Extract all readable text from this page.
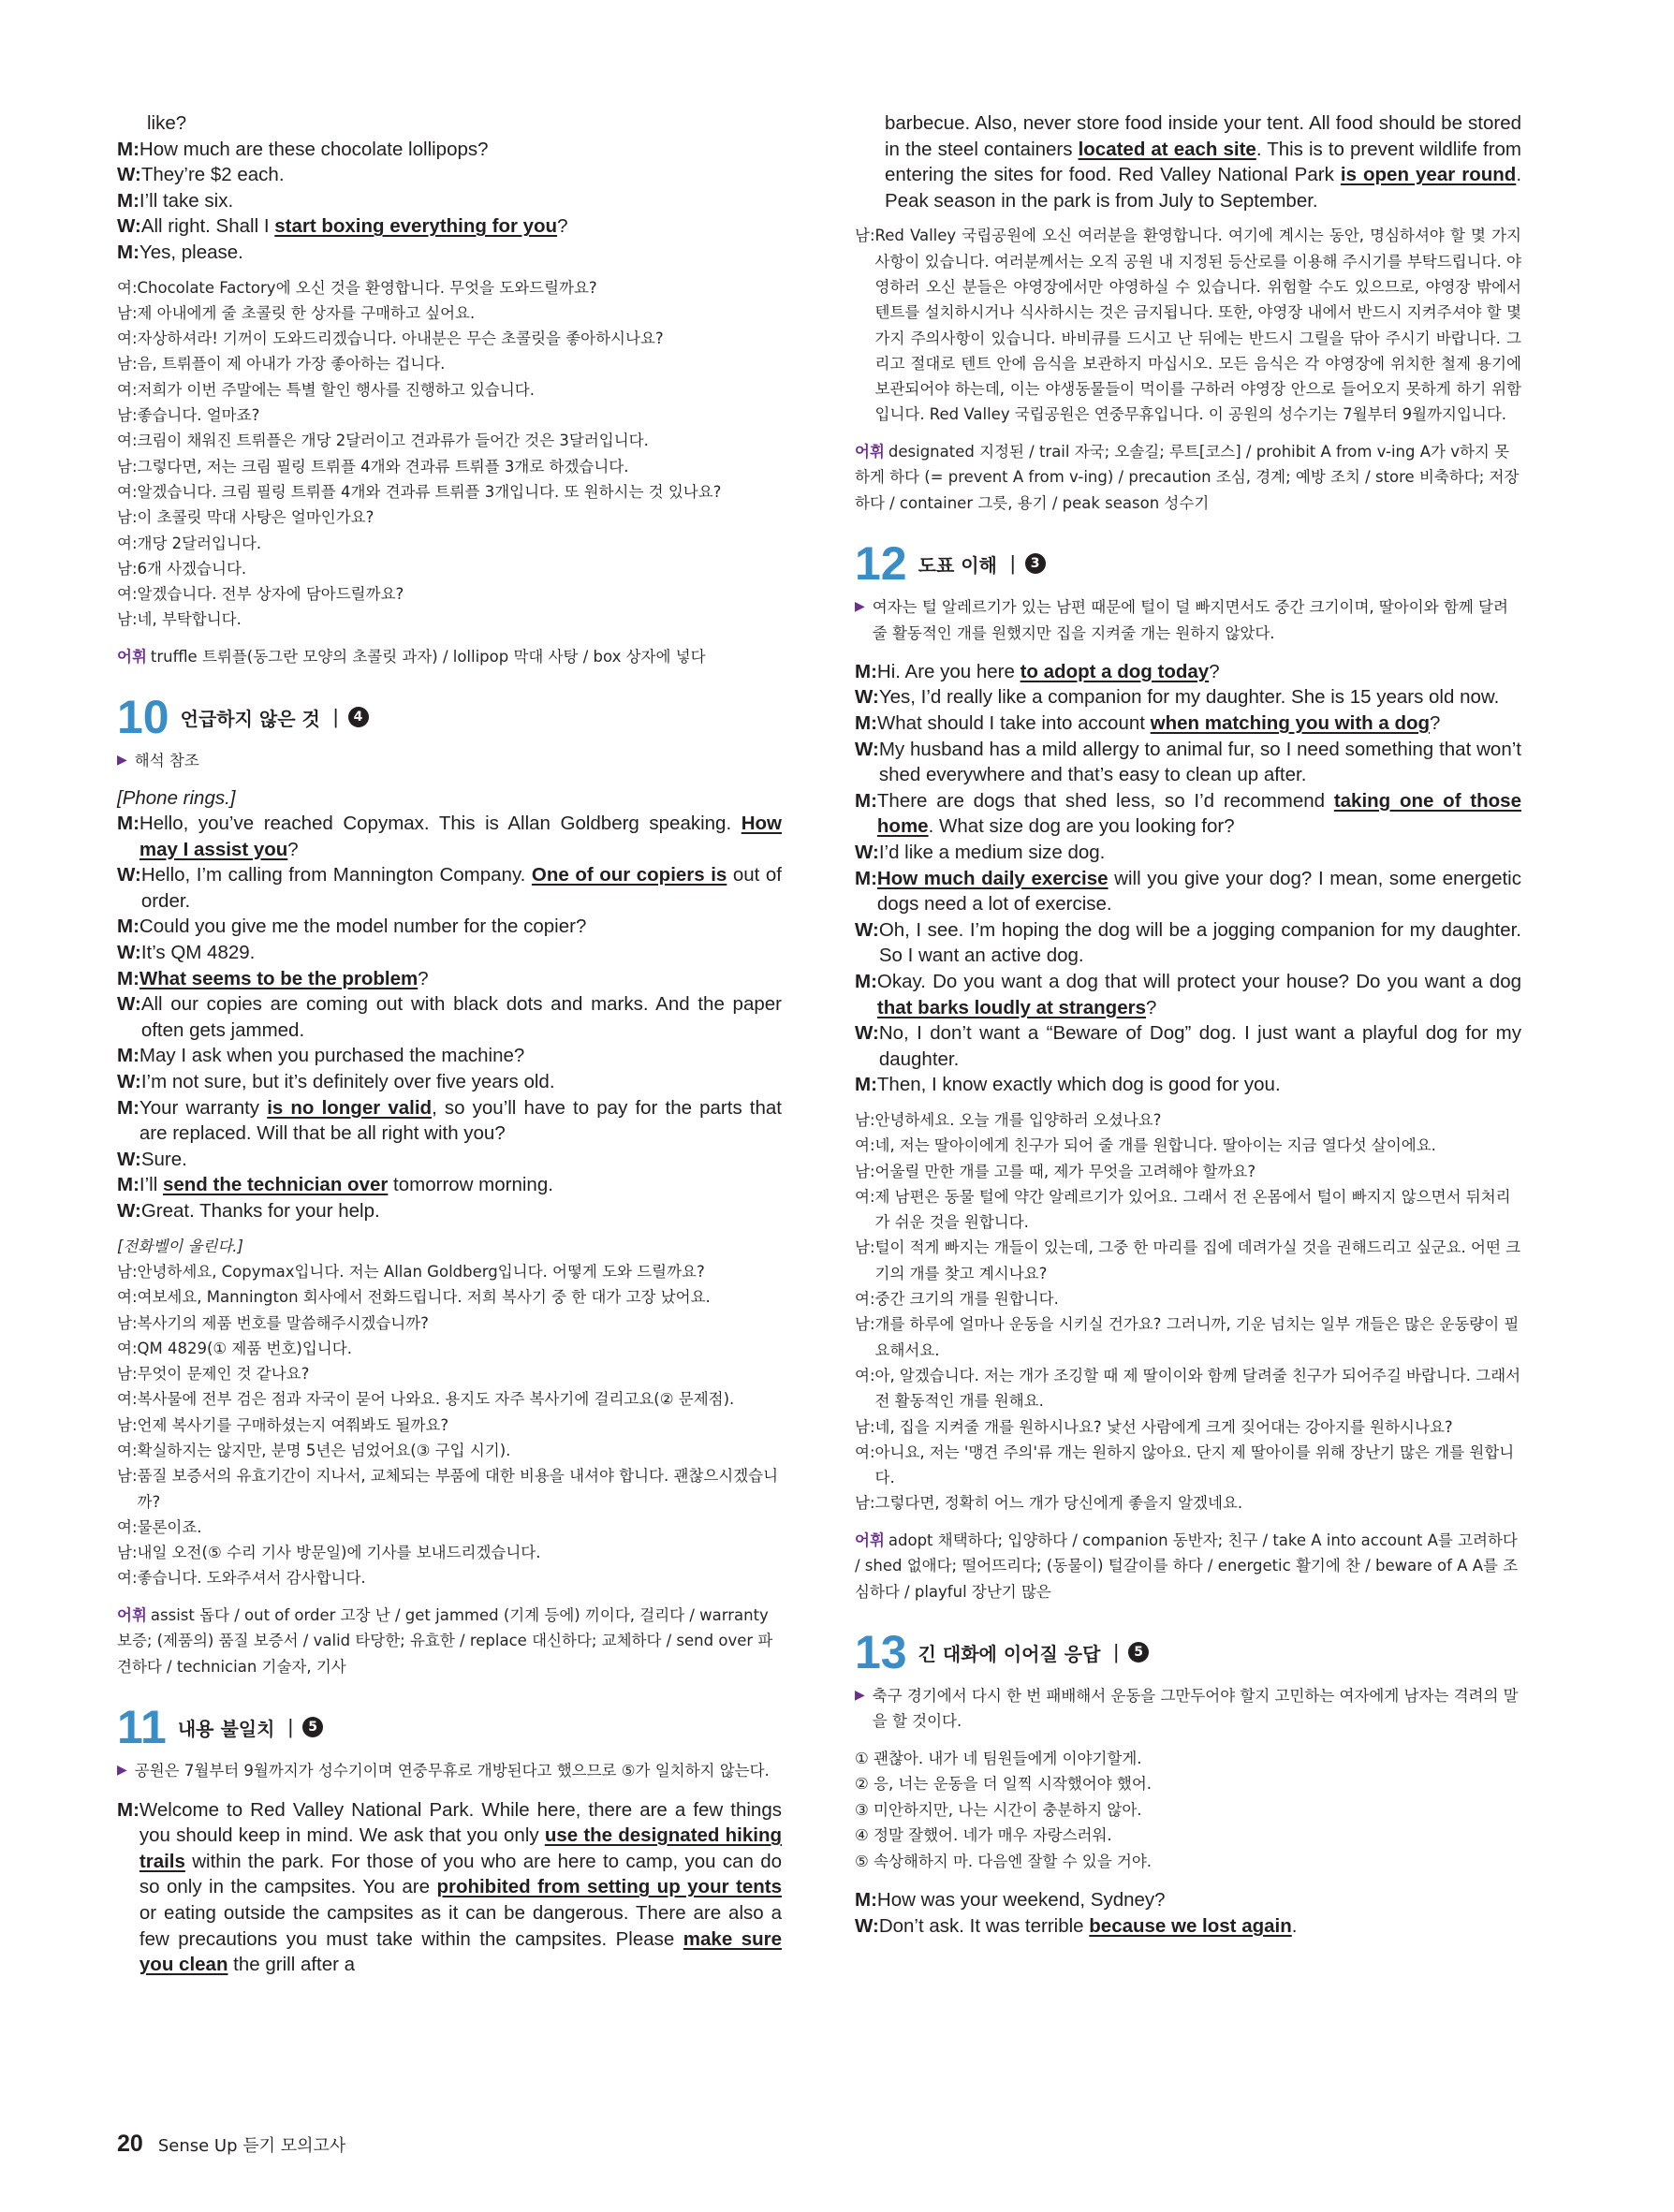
like?
M: How much are these chocolate lollipops?
W: They’re $2 each.
M: I’ll take six.
W: All right. Shall I start boxing everything for you?
M: Yes, please.
여: Chocolate Factory에 오신 것을 환영합니다. 무엇을 도와드릴까요?
남: 제 아내에게 줄 초콜릿 한 상자를 구매하고 싶어요.
여: 자상하셔라! 기꺼이 도와드리겠습니다. 아내분은 무슨 초콜릿을 좋아하시나요?
남: 음, 트뤼플이 제 아내가 가장 좋아하는 겁니다.
여: 저희가 이번 주말에는 특별 할인 행사를 진행하고 있습니다.
남: 좋습니다. 얼마죠?
여: 크림이 채워진 트뤼플은 개당 2달러이고 견과류가 들어간 것은 3달러입니다.
남: 그렇다면, 저는 크림 필링 트뤼플 4개와 견과류 트뤼플 3개로 하겠습니다.
여: 알겠습니다. 크림 필링 트뤼플 4개와 견과류 트뤼플 3개입니다. 또 원하시는 것 있나요?
남: 이 초콜릿 막대 사탕은 얼마인가요?
여: 개당 2달러입니다.
남: 6개 사겠습니다.
여: 알겠습니다. 전부 상자에 담아드릴까요?
남: 네, 부탁합니다.
어휘 truffle 트뤼플(동그란 모양의 초콜릿 과자) / lollipop 막대 사탕 / box 상자에 넣다
10 언급하지 않은 것 |	4
▶ 해석 참조
[Phone rings.]
M: Hello, you’ve reached Copymax. This is Allan Goldberg speaking. How may I assist you?
W: Hello, I’m calling from Mannington Company. One of our copiers is out of order.
M: Could you give me the model number for the copier?
W: It’s QM 4829.
M: What seems to be the problem?
W: All our copies are coming out with black dots and marks. And the paper often gets jammed.
M: May I ask when you purchased the machine?
W: I’m not sure, but it’s definitely over five years old.
M: Your warranty is no longer valid, so you’ll have to pay for the parts that are replaced. Will that be all right with you?
W: Sure.
M: I’ll send the technician over tomorrow morning.
W: Great. Thanks for your help.
[전화벨이 울린다.]
남: 안녕하세요, Copymax입니다. 저는 Allan Goldberg입니다. 어떻게 도와 드릴까요?
여: 여보세요, Mannington 회사에서 전화드립니다. 저희 복사기 중 한 대가 고장 났어요.
남: 복사기의 제품 번호를 말씀해주시겠습니까?
여: QM 4829(① 제품 번호)입니다.
남: 무엇이 문제인 것 같나요?
여: 복사물에 전부 검은 점과 자국이 묻어 나와요. 용지도 자주 복사기에 걸리고요(② 문제점).
남: 언제 복사기를 구매하셨는지 여쭤봐도 될까요?
여: 확실하지는 않지만, 분명 5년은 넘었어요(③ 구입 시기).
남: 품질 보증서의 유효기간이 지나서, 교체되는 부품에 대한 비용을 내셔야 합니다. 괜찮으시겠습니까?
여: 물론이죠.
남: 내일 오전(⑤ 수리 기사 방문일)에 기사를 보내드리겠습니다.
여: 좋습니다. 도와주셔서 감사합니다.
어휘 assist 돕다 / out of order 고장 난 / get jammed (기계 등에) 끼이다, 걸리다 / warranty 보증; (제품의) 품질 보증서 / valid 타당한; 유효한 / replace 대신하다; 교체하다 / send over 파견하다 / technician 기술자, 기사
11 내용 불일치 |	5
▶ 공원은 7월부터 9월까지가 성수기이며 연중무휴로 개방된다고 했으므로 ⑤가 일치하지 않는다.
M: Welcome to Red Valley National Park. While here, there are a few things you should keep in mind. We ask that you only use the designated hiking trails within the park. For those of you who are here to camp, you can do so only in the campsites. You are prohibited from setting up your tents or eating outside the campsites as it can be dangerous. There are also a few precautions you must take within the campsites. Please make sure you clean the grill after a
barbecue. Also, never store food inside your tent. All food should be stored in the steel containers located at each site. This is to prevent wildlife from entering the sites for food. Red Valley National Park is open year round. Peak season in the park is from July to September.
남: Red Valley 국립공원에 오신 여러분을 환영합니다. 여기에 계시는 동안, 명심하셔야 할 몇 가지 사항이 있습니다. 여러분께서는 오직 공원 내 지정된 등산로를 이용해 주시기를 부탁드립니다. 야영하러 오신 분들은 야영장에서만 야영하실 수 있습니다. 위험할 수도 있으므로, 야영장 밖에서 텐트를 설치하시거나 식사하시는 것은 금지됩니다. 또한, 야영장 내에서 반드시 지켜주셔야 할 몇 가지 주의사항이 있습니다. 바비큐를 드시고 난 뒤에는 반드시 그릴을 닦아 주시기 바랍니다. 그리고 절대로 텐트 안에 음식을 보관하지 마십시오. 모든 음식은 각 야영장에 위치한 철제 용기에 보관되어야 하는데, 이는 야생동물들이 먹이를 구하러 야영장 안으로 들어오지 못하게 하기 위함입니다. Red Valley 국립공원은 연중무휴입니다. 이 공원의 성수기는 7월부터 9월까지입니다.
어휘 designated 지정된 / trail 자국; 오솔길; 루트[코스] / prohibit A from v-ing A가 v하지 못하게 하다 (= prevent A from v-ing) / precaution 조심, 경계; 예방 조치 / store 비축하다; 저장하다 / container 그릇, 용기 / peak season 성수기
12 도표 이해 |	3
▶ 여자는 털 알레르기가 있는 남편 때문에 털이 덜 빠지면서도 중간 크기이며, 딸아이와 함께 달려줄 활동적인 개를 원했지만 집을 지켜줄 개는 원하지 않았다.
M: Hi. Are you here to adopt a dog today?
W: Yes, I’d really like a companion for my daughter. She is 15 years old now.
M: What should I take into account when matching you with a dog?
W: My husband has a mild allergy to animal fur, so I need something that won’t shed everywhere and that’s easy to clean up after.
M: There are dogs that shed less, so I’d recommend taking one of those home. What size dog are you looking for?
W: I’d like a medium size dog.
M: How much daily exercise will you give your dog? I mean, some energetic dogs need a lot of exercise.
W: Oh, I see. I’m hoping the dog will be a jogging companion for my daughter. So I want an active dog.
M: Okay. Do you want a dog that will protect your house? Do you want a dog that barks loudly at strangers?
W: No, I don’t want a “Beware of Dog” dog. I just want a playful dog for my daughter.
M: Then, I know exactly which dog is good for you.
남: 안녕하세요. 오늘 개를 입양하러 오셨나요?
여: 네, 저는 딸아이에게 친구가 되어 줄 개를 원합니다. 딸아이는 지금 열다섯 살이에요.
남: 어울릴 만한 개를 고를 때, 제가 무엇을 고려해야 할까요?
여: 제 남편은 동물 털에 약간 알레르기가 있어요. 그래서 전 온몸에서 털이 빠지지 않으면서 뒤처리가 쉬운 것을 원합니다.
남: 털이 적게 빠지는 개들이 있는데, 그중 한 마리를 집에 데려가실 것을 권해드리고 싶군요. 어떤 크기의 개를 찾고 계시나요?
여: 중간 크기의 개를 원합니다.
남: 개를 하루에 얼마나 운동을 시키실 건가요? 그러니까, 기운 넘치는 일부 개들은 많은 운동량이 필요해서요.
여: 아, 알겠습니다. 저는 개가 조깅할 때 제 딸이이와 함께 달려줄 친구가 되어주길 바랍니다. 그래서 전 활동적인 개를 원해요.
남: 네, 집을 지켜줄 개를 원하시나요? 낯선 사람에게 크게 짖어대는 강아지를 원하시나요?
여: 아니요, 저는 '맹견 주의'류 개는 원하지 않아요. 단지 제 딸아이를 위해 장난기 많은 개를 원합니다.
남: 그렇다면, 정확히 어느 개가 당신에게 좋을지 알겠네요.
어휘 adopt 채택하다; 입양하다 / companion 동반자; 친구 / take A into account A를 고려하다 / shed 없애다; 떨어뜨리다; (동물이) 털갈이를 하다 / energetic 활기에 찬 / beware of A A를 조심하다 / playful 장난기 많은
13 긴 대화에 이어질 응답 |	5
▶ 축구 경기에서 다시 한 번 패배해서 운동을 그만두어야 할지 고민하는 여자에게 남자는 격려의 말을 할 것이다.
① 괜찮아. 내가 네 팀원들에게 이야기할게.
② 응, 너는 운동을 더 일찍 시작했어야 했어.
③ 미안하지만, 나는 시간이 충분하지 않아.
④ 정말 잘했어. 네가 매우 자랑스러워.
⑤ 속상해하지 마. 다음엔 잘할 수 있을 거야.
M: How was your weekend, Sydney?
W: Don’t ask. It was terrible because we lost again.
20 Sense Up 듣기 모의고사
